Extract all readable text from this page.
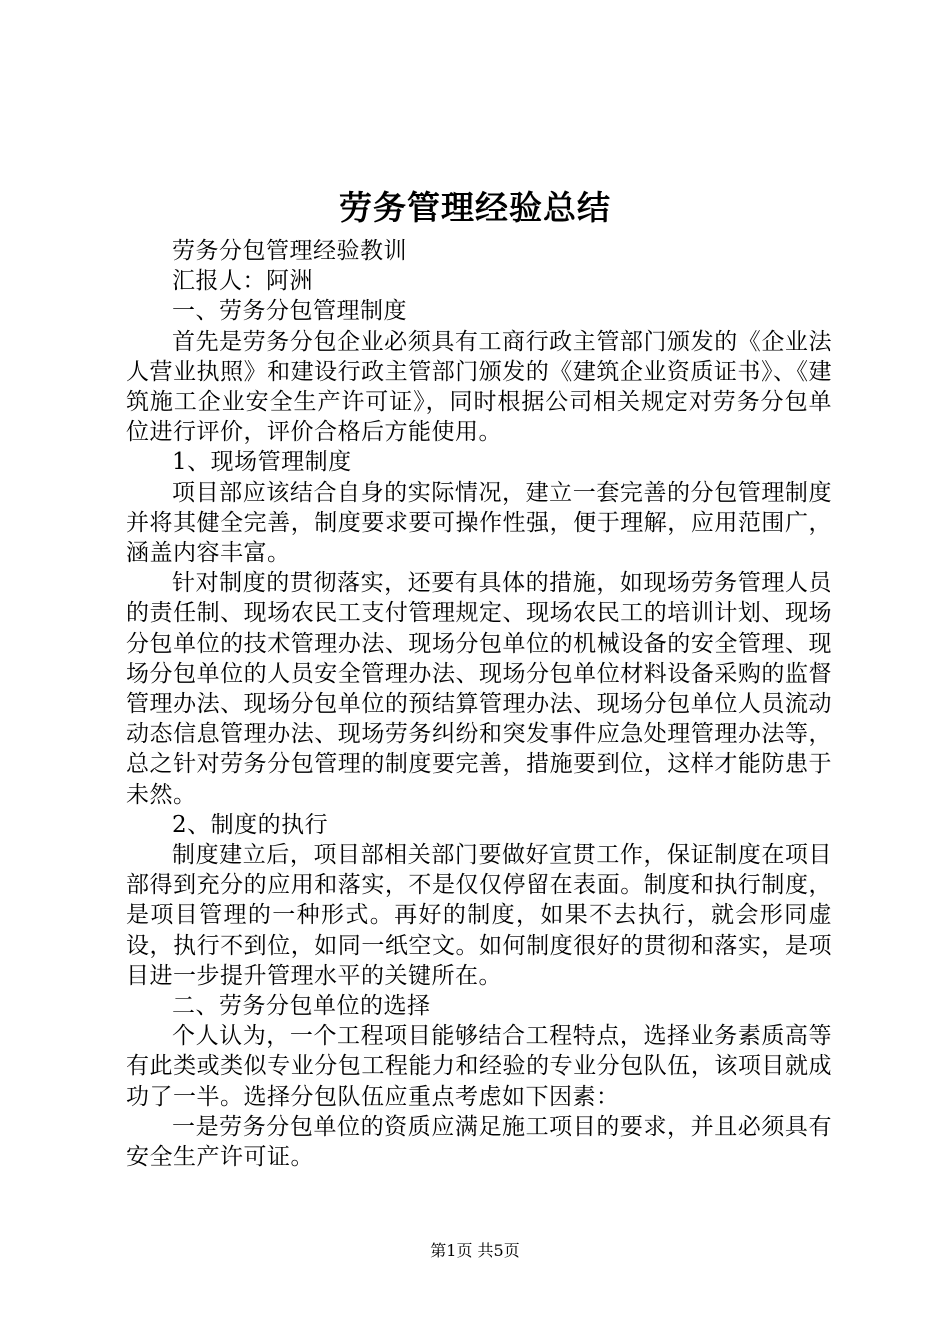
劳务管理经验总结

劳务分包管理经验教训

汇报人：阿洲

一、劳务分包管理制度

首先是劳务分包企业必须具有工商行政主管部门颁发的《企业法人营业执照》和建设行政主管部门颁发的《建筑企业资质证书》、《建筑施工企业安全生产许可证》，同时根据公司相关规定对劳务分包单位进行评价，评价合格后方能使用。

1、现场管理制度

项目部应该结合自身的实际情况，建立一套完善的分包管理制度并将其健全完善，制度要求要可操作性强，便于理解，应用范围广，涵盖内容丰富。

针对制度的贯彻落实，还要有具体的措施，如现场劳务管理人员的责任制、现场农民工支付管理规定、现场农民工的培训计划、现场分包单位的技术管理办法、现场分包单位的机械设备的安全管理、现场分包单位的人员安全管理办法、现场分包单位材料设备采购的监督管理办法、现场分包单位的预结算管理办法、现场分包单位人员流动动态信息管理办法、现场劳务纠纷和突发事件应急处理管理办法等，总之针对劳务分包管理的制度要完善，措施要到位，这样才能防患于未然。

2、制度的执行

制度建立后，项目部相关部门要做好宣贯工作，保证制度在项目部得到充分的应用和落实，不是仅仅停留在表面。制度和执行制度，是项目管理的一种形式。再好的制度，如果不去执行，就会形同虚设，执行不到位，如同一纸空文。如何制度很好的贯彻和落实，是项目进一步提升管理水平的关键所在。

二、劳务分包单位的选择

个人认为，一个工程项目能够结合工程特点，选择业务素质高等有此类或类似专业分包工程能力和经验的专业分包队伍，该项目就成功了一半。选择分包队伍应重点考虑如下因素：

一是劳务分包单位的资质应满足施工项目的要求，并且必须具有安全生产许可证。

第1页 共5页
